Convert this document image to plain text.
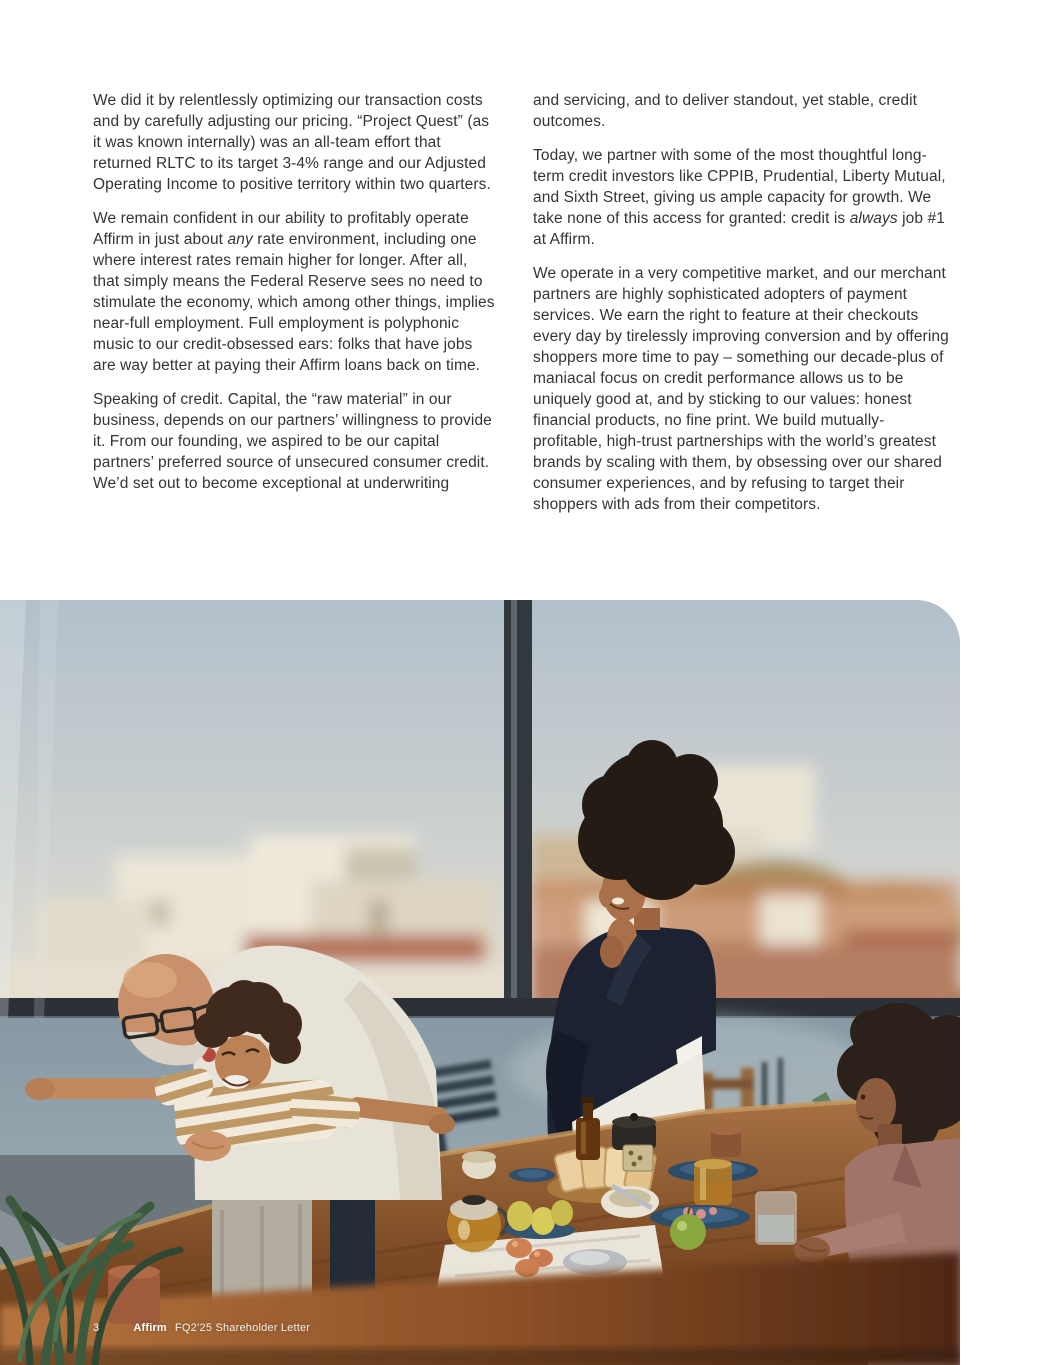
We did it by relentlessly optimizing our transaction costs and by carefully adjusting our pricing. “Project Quest” (as it was known internally) was an all-team effort that returned RLTC to its target 3-4% range and our Adjusted Operating Income to positive territory within two quarters.

We remain confident in our ability to profitably operate Affirm in just about any rate environment, including one where interest rates remain higher for longer. After all, that simply means the Federal Reserve sees no need to stimulate the economy, which among other things, implies near-full employment. Full employment is polyphonic music to our credit-obsessed ears: folks that have jobs are way better at paying their Affirm loans back on time.

Speaking of credit. Capital, the “raw material” in our business, depends on our partners’ willingness to provide it. From our founding, we aspired to be our capital partners’ preferred source of unsecured consumer credit. We’d set out to become exceptional at underwriting

and servicing, and to deliver standout, yet stable, credit outcomes.

Today, we partner with some of the most thoughtful long-term credit investors like CPPIB, Prudential, Liberty Mutual, and Sixth Street, giving us ample capacity for growth. We take none of this access for granted: credit is always job #1 at Affirm.

We operate in a very competitive market, and our merchant partners are highly sophisticated adopters of payment services. We earn the right to feature at their checkouts every day by tirelessly improving conversion and by offering shoppers more time to pay – something our decade-plus of maniacal focus on credit performance allows us to be uniquely good at, and by sticking to our values: honest financial products, no fine print. We build mutually-profitable, high-trust partnerships with the world’s greatest brands by scaling with them, by obsessing over our shared consumer experiences, and by refusing to target their shoppers with ads from their competitors.

3	Affirm FQ2’25 Shareholder Letter
